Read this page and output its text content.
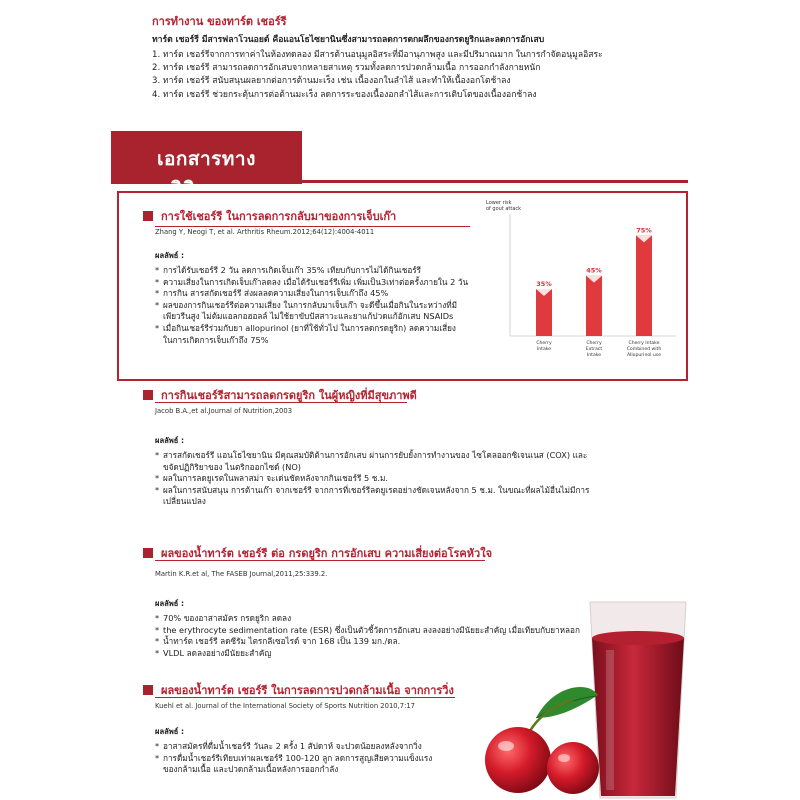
การทำงาน ของทาร์ต เชอร์รี
ทาร์ต เชอร์รี มีสารฟลาโวนอยด์ คือแอนโธไซยานินซึ่งสามารถลดการตกผลึกของกรดยูริกและลดการอักเสบ
1. ทาร์ต เชอร์รีจากการทาค่าในห้องทดลอง มีสารต้านอนุมูลอิสระที่มีอานุภาพสูง และมีปริมาณมาก ในการกำจัดอนุมูลอิสระ
2. ทาร์ต เชอร์รี สามารถลดการอักเสบจากหลายสาเหตุ รวมทั้งลดการปวดกล้ามเนื้อ การออกกำลังกายหนัก
3. ทาร์ต เชอร์รี สนับสนุนผลยากต่อการต้านมะเร็ง เช่น เนื้องอกในลำไส้ และทำให้เนื้องอกโตช้าลง
4. ทาร์ต เชอร์รี ช่วยกระตุ้นการต่อต้านมะเร็ง ลดการระของเนื้องอกลำไส้และการเติบโตของเนื้องอกช้าลง
เอกสารทางคลินิก
การใช้เชอร์รี ในการลดการกลับมาของการเจ็บเก๊า
Zhang Y, Neogi T, et al. Arthritis Rheum.2012;64(12):4004-4011
ผลลัพธ์ :
* การได้รับเชอร์รี 2 วัน ลดการเกิดเจ็บเก๊า 35% เทียบกับการไม่ได้กินเชอร์รี
* ความเสี่ยงในการเกิดเจ็บเก๊าลดลง เมื่อได้รับเชอร์รีเพิ่ม เพิ่มเป็น3เท่าต่อครั้งภายใน 2 วัน
* การกิน สารสกัดเชอร์รี ส่งผลลดความเสี่ยงในการเจ็บเก๊าถึง 45%
* ผลของการกินเชอร์รีต่อความเสี่ยง ในการกลับมาเจ็บเก๊า จะดีขึ้นเมื่อกินในระหว่างที่มี
เพียวรีนสูง ไม่ต้มแอลกอฮอลล์ ไม่ใช้ยาขับปัสสาวะและยาแก้ปวดแก้อักเสบ NSAIDs
* เมื่อกินเชอร์รีร่วมกับยา allopurinol (ยาที่ใช้ทั่วไป ในการลดกรดยูริก) ลดความเสี่ยง
ในการเกิดการเจ็บเก๊าถึง 75%
Lower risk
of gout attack
35%
Cherry
Intake
45%
Cherry
Extract
Intake
75%
Cherry Intake
Combined with
Allopurinol use
การกินเชอร์รีสามารถลดกรดยูริก ในผู้หญิงที่มีสุขภาพดี
Jacob B.A.,et al.Journal of Nutrition,2003
ผลลัพธ์ :
* สารสกัดเชอร์รี แอนโธไซยานิน มีคุณสมบัติต้านการอักเสบ ผ่านการยับยั้งการทำงานของ ไซโคลออกซิเจนเนส (COX) และ
ขจัดปฏิกิริยาของ ไนตริกออกไซด์ (NO)
* ผลในการลดยูเรตในพลาสม่า จะเด่นชัดหลังจากกินเชอร์รี 5 ช.ม.
* ผลในการสนับสนุน การต้านเก๊า จากเชอร์รี จากการที่เชอร์รีลดยูเรตอย่างชัดเจนหลังจาก 5 ช.ม. ในขณะที่ผลไม้อื่นไม่มีการ
เปลี่ยนแปลง
ผลของน้ำทาร์ต เชอร์รี ต่อ กรดยูริก การอักเสบ ความเสี่ยงต่อโรคหัวใจ
Martin K.R.et al, The FASEB Journal,2011,25:339.2.
ผลลัพธ์ :
* 70% ของอาสาสมัคร กรดยูริก ลดลง
* the erythrocyte sedimentation rate (ESR) ซึ่งเป็นตัวชี้วัดการอักเสบ ลงลงอย่างมีนัยยะสำคัญ เมื่อเทียบกับยาหลอก
* น้ำทาร์ต เชอร์รี ลดซีรัม ไตรกลีเซอไรด์ จาก 168 เป็น 139 มก./ดล.
* VLDL ลดลงอย่างมีนัยยะสำคัญ
ผลของน้ำทาร์ต เชอร์รี ในการลดการปวดกล้ามเนื้อ จากการวิ่ง
Kuehl et al. Journal of the International Society of Sports Nutrition 2010,7:17
ผลลัพธ์ :
* อาสาสมัครที่ดื่มน้ำเชอร์รี วันละ 2 ครั้ง 1 สัปดาห์ จะปวดน้อยลงหลังจากวิ่ง
* การดื่มน้ำเชอร์รีเทียบเท่าผลเชอร์รี 100-120 ลูก ลดการสูญเสียความแข็งแรง
ของกล้ามเนื้อ และปวดกล้ามเนื้อหลังการออกกำลัง
